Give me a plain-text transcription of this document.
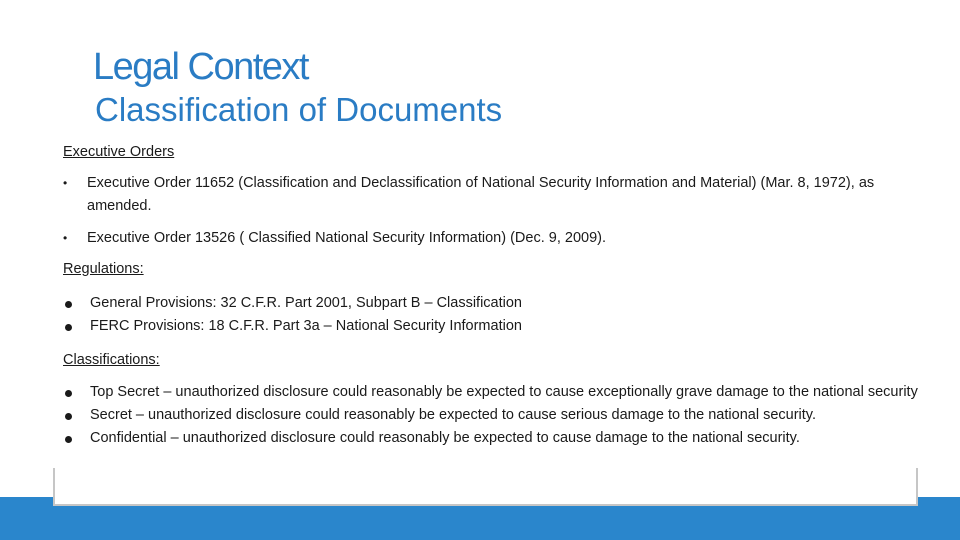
Legal Context
Classification of Documents

Executive Orders

• Executive Order 11652 (Classification and Declassification of National Security Information and Material) (Mar. 8, 1972), as amended.
• Executive Order 13526 ( Classified National Security Information) (Dec. 9, 2009).

Regulations:

General Provisions: 32 C.F.R. Part 2001, Subpart B – Classification
FERC Provisions: 18 C.F.R. Part 3a – National Security Information

Classifications:

Top Secret – unauthorized disclosure could reasonably be expected to cause exceptionally grave damage to the national security
Secret – unauthorized disclosure could reasonably be expected to cause serious damage to the national security.
Confidential – unauthorized disclosure could reasonably be expected to cause damage to the national security.
